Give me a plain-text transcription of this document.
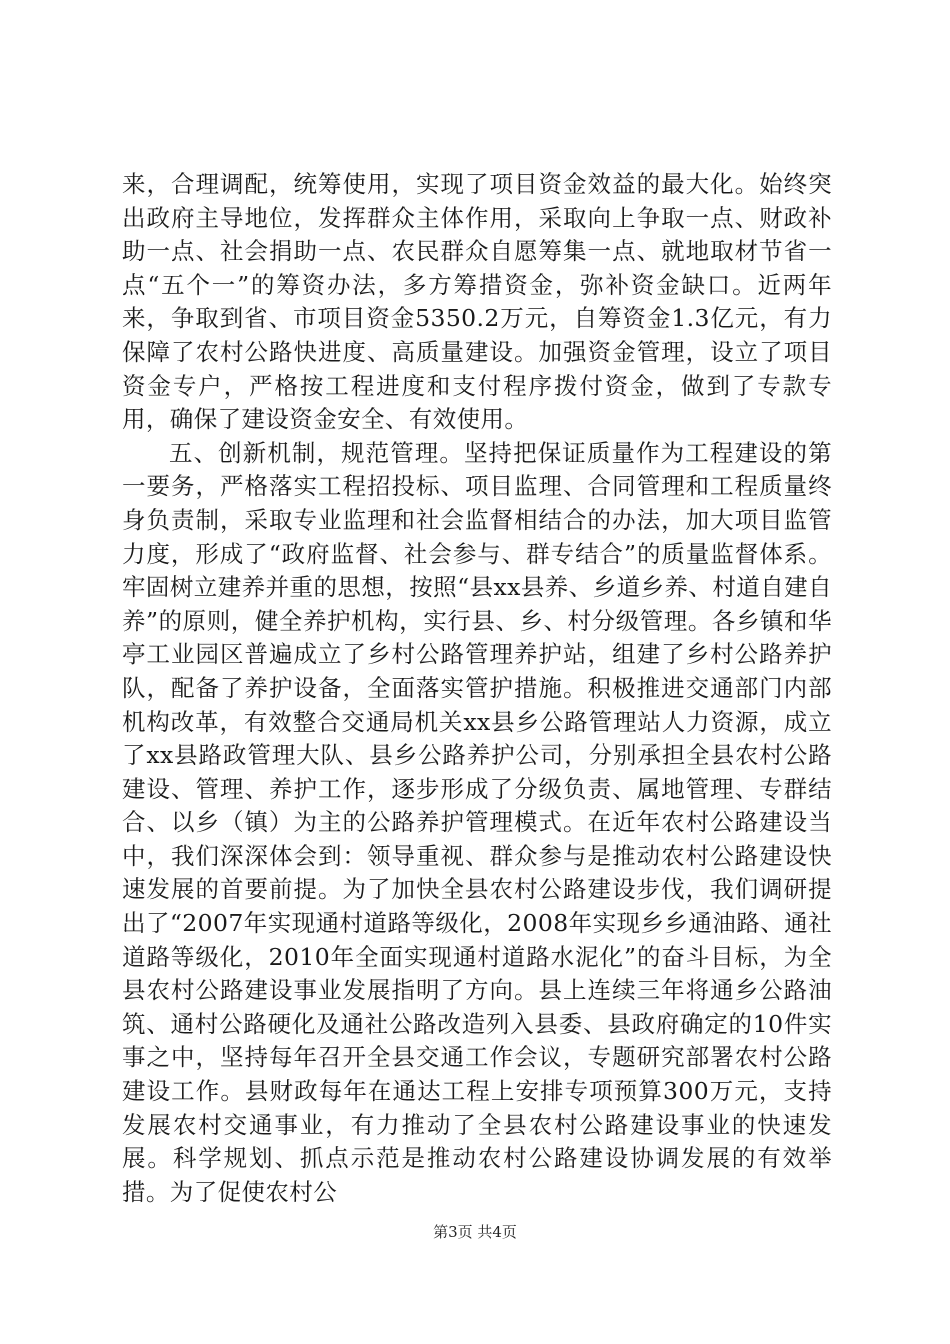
来，合理调配，统筹使用，实现了项目资金效益的最大化。始终突出政府主导地位，发挥群众主体作用，采取向上争取一点、财政补助一点、社会捐助一点、农民群众自愿筹集一点、就地取材节省一点“五个一”的筹资办法，多方筹措资金，弥补资金缺口。近两年来，争取到省、市项目资金5350.2万元，自筹资金1.3亿元，有力保障了农村公路快进度、高质量建设。加强资金管理，设立了项目资金专户，严格按工程进度和支付程序拨付资金，做到了专款专用，确保了建设资金安全、有效使用。

五、创新机制，规范管理。坚持把保证质量作为工程建设的第一要务，严格落实工程招投标、项目监理、合同管理和工程质量终身负责制，采取专业监理和社会监督相结合的办法，加大项目监管力度，形成了“政府监督、社会参与、群专结合”的质量监督体系。牢固树立建养并重的思想，按照“县xx县养、乡道乡养、村道自建自养”的原则，健全养护机构，实行县、乡、村分级管理。各乡镇和华亭工业园区普遍成立了乡村公路管理养护站，组建了乡村公路养护队，配备了养护设备，全面落实管护措施。积极推进交通部门内部机构改革，有效整合交通局机关xx县乡公路管理站人力资源，成立了xx县路政管理大队、县乡公路养护公司，分别承担全县农村公路建设、管理、养护工作，逐步形成了分级负责、属地管理、专群结合、以乡（镇）为主的公路养护管理模式。在近年农村公路建设当中，我们深深体会到：领导重视、群众参与是推动农村公路建设快速发展的首要前提。为了加快全县农村公路建设步伐，我们调研提出了“2007年实现通村道路等级化，2008年实现乡乡通油路、通社道路等级化，2010年全面实现通村道路水泥化”的奋斗目标，为全县农村公路建设事业发展指明了方向。县上连续三年将通乡公路油筑、通村公路硬化及通社公路改造列入县委、县政府确定的10件实事之中，坚持每年召开全县交通工作会议，专题研究部署农村公路建设工作。县财政每年在通达工程上安排专项预算300万元，支持发展农村交通事业，有力推动了全县农村公路建设事业的快速发展。科学规划、抓点示范是推动农村公路建设协调发展的有效举措。为了促使农村公

第3页 共4页
